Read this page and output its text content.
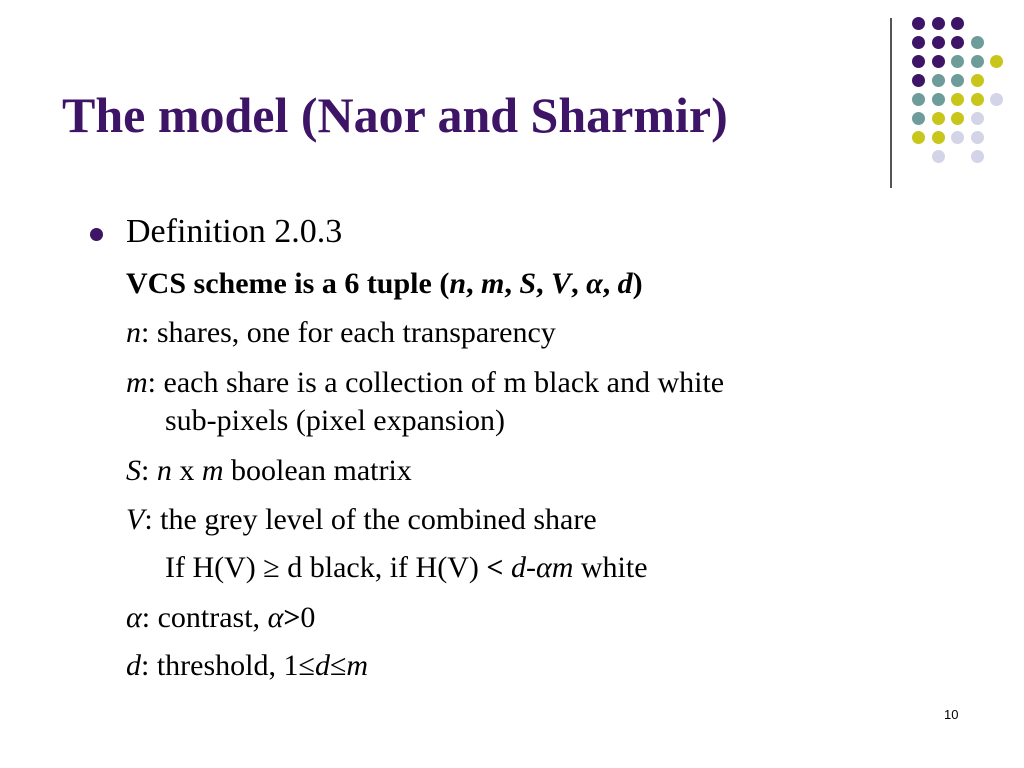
The model (Naor and Sharmir)
Definition 2.0.3
VCS scheme is a 6 tuple (n, m, S, V, α, d)
n: shares, one for each transparency
m: each share is a collection of m black and white
sub-pixels (pixel expansion)
S: n x m boolean matrix
V: the grey level of the combined share
If H(V) ≥ d black, if H(V) < d-αm white
α: contrast, α>0
d: threshold, 1≤d≤m
10
